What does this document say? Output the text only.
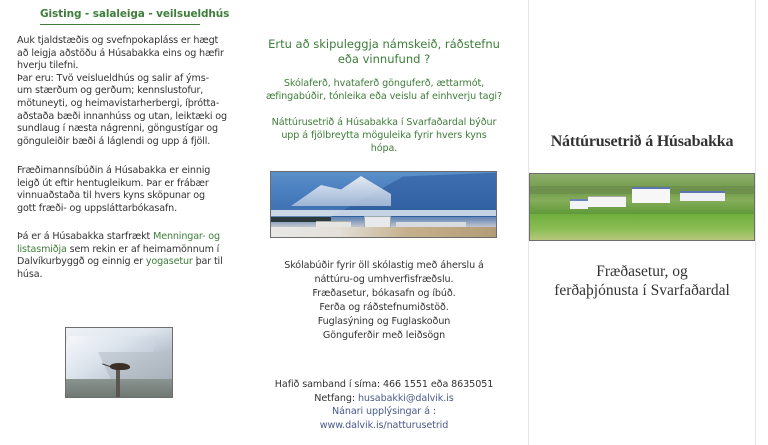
Gisting - salaleiga - veilsueldhús
Auk tjaldstæðis og svefnpokapláss er hægt
að leigja aðstöðu á Húsabakka eins og hæfir
hverju tilefni.
Þar eru: Tvö veislueldhús og salir af ýms-
um stærðum og gerðum; kennslustofur,
mötuneyti, og heimavistarherbergi, íþrótta-
aðstaða bæði innanhúss og utan, leiktæki og
sundlaug í næsta nágrenni, göngustígar og
gönguleiðir bæði á láglendi og upp á fjöll.
Fræðimannsíbúðin á Húsabakka er einnig
leigð út eftir hentugleikum. Þar er frábær
vinnuaðstaða til hvers kyns sköpunar og
gott fræði- og uppsláttarbókasafn.

Þá er á Húsabakka starfrækt Menningar- og listasmiðja sem rekin er af heimamönnum í Dalvíkurbyggð og einnig er yogasetur þar til húsa.

Ertu að skipuleggja námskeið, ráðstefnu
eða vinnufund ?
Skólaferð, hvataferð gönguferð, ættarmót,
æfingabúðir, tónleika eða veislu af einhverju tagi?
Náttúrusetrið á Húsabakka í Svarfaðardal býður
upp á fjölbreytta möguleika fyrir hvers kyns
hópa.
Skólabúðir fyrir öll skólastig með áherslu á
náttúru-og umhverfisfræðslu.
Fræðasetur, bókasafn og íbúð.
Ferða og ráðstefnumiðstöð.
Fuglasýning og Fuglaskoðun
Gönguferðir með leiðsögn
Hafið samband í síma: 466 1551 eða 8635051
Netfang: husabakki@dalvik.is
Nánari upplýsingar á :
www.dalvik.is/natturusetrid
Náttúrusetrið á Húsabakka
Fræðasetur, og
ferðaþjónusta í Svarfaðardal
